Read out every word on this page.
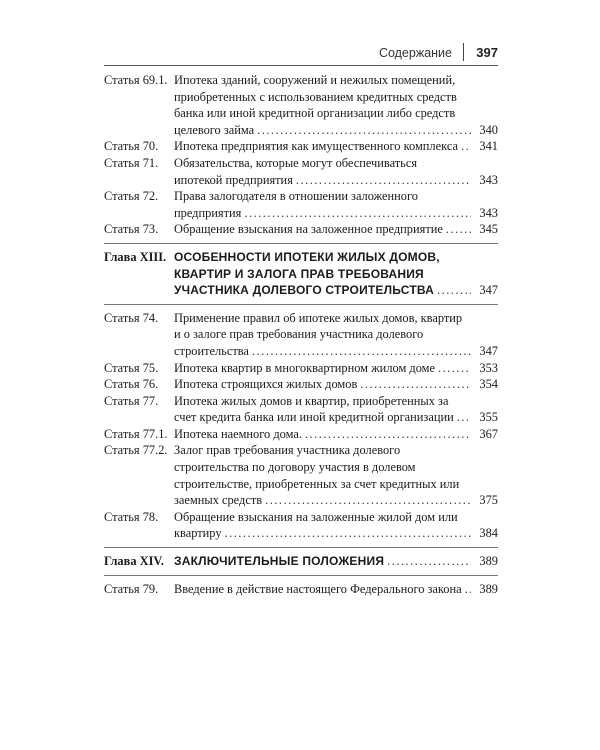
Содержание 397
Статья 69.1. Ипотека зданий, сооружений и нежилых помещений,
приобретенных с использованием кредитных средств
банка или иной кредитной организации либо средств
целевого займа .....	340
Статья 70.	Ипотека предприятия как имущественного комплекса .....	341
Статья 71.	Обязательства, которые могут обеспечиваться
ипотекой предприятия .....	343
Статья 72.	Права залогодателя в отношении заложенного
предприятия .....	343
Статья 73.	Обращение взыскания на заложенное предприятие .....	345
Глава XIII. ОСОБЕННОСТИ ИПОТЕКИ ЖИЛЫХ ДОМОВ,
КВАРТИР И ЗАЛОГА ПРАВ ТРЕБОВАНИЯ
УЧАСТНИКА ДОЛЕВОГО СТРОИТЕЛЬСТВА .....	347
Статья 74.	Применение правил об ипотеке жилых домов, квартир
и о залоге прав требования участника долевого
строительства .....	347
Статья 75.	Ипотека квартир в многоквартирном жилом доме .....	353
Статья 76.	Ипотека строящихся жилых домов .....	354
Статья 77.	Ипотека жилых домов и квартир, приобретенных за
счет кредита банка или иной кредитной организации .....	355
Статья 77.1. Ипотека наемного дома. .....	367
Статья 77.2. Залог прав требования участника долевого
строительства по договору участия в долевом
строительстве, приобретенных за счет кредитных или
заемных средств .....	375
Статья 78.	Обращение взыскания на заложенные жилой дом или
квартиру .....	384
Глава XIV. ЗАКЛЮЧИТЕЛЬНЫЕ ПОЛОЖЕНИЯ .....	389
Статья 79.	Введение в действие настоящего Федерального закона .....	389
